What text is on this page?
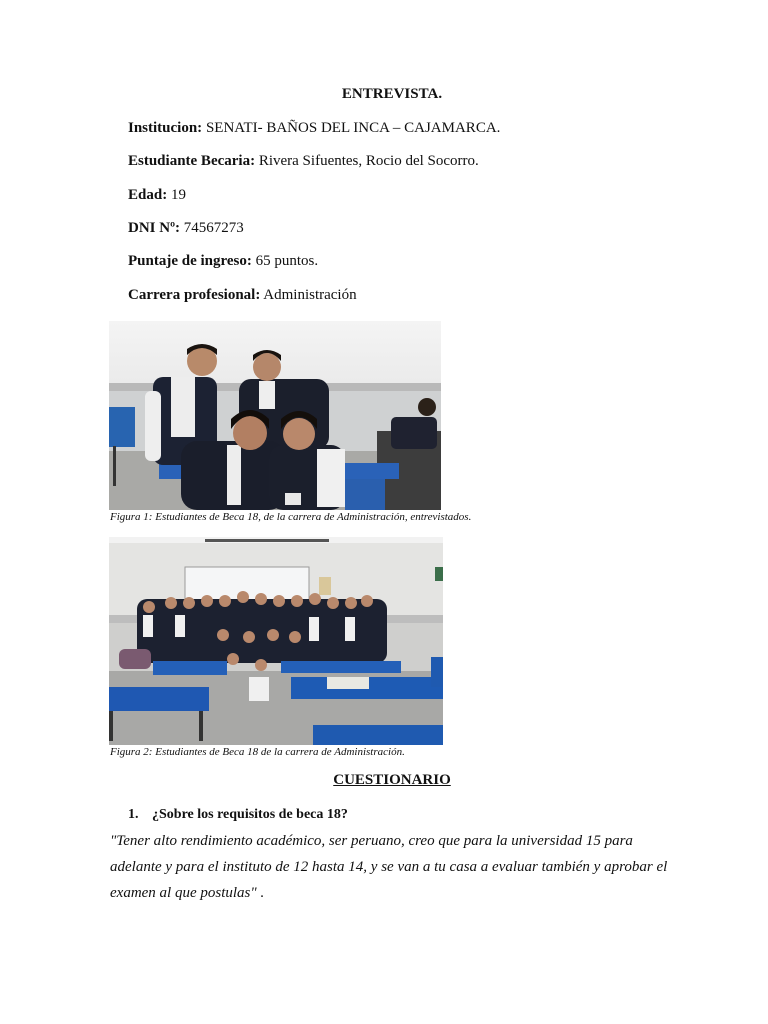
ENTREVISTA.
Institucion: SENATI- BAÑOS DEL INCA – CAJAMARCA.
Estudiante Becaria: Rivera Sifuentes, Rocio del Socorro.
Edad: 19
DNI Nº: 74567273
Puntaje de ingreso: 65 puntos.
Carrera profesional: Administración
Figura 1: Estudiantes de Beca 18, de la carrera de Administración, entrevistados.
Figura 2: Estudiantes de Beca 18 de la carrera de Administración.
CUESTIONARIO
1. ¿Sobre los requisitos de beca 18?
"Tener alto rendimiento académico, ser peruano, creo que para la universidad 15 para adelante y para el instituto de 12 hasta 14, y se van a tu casa a evaluar también y aprobar el examen al que postulas" .
